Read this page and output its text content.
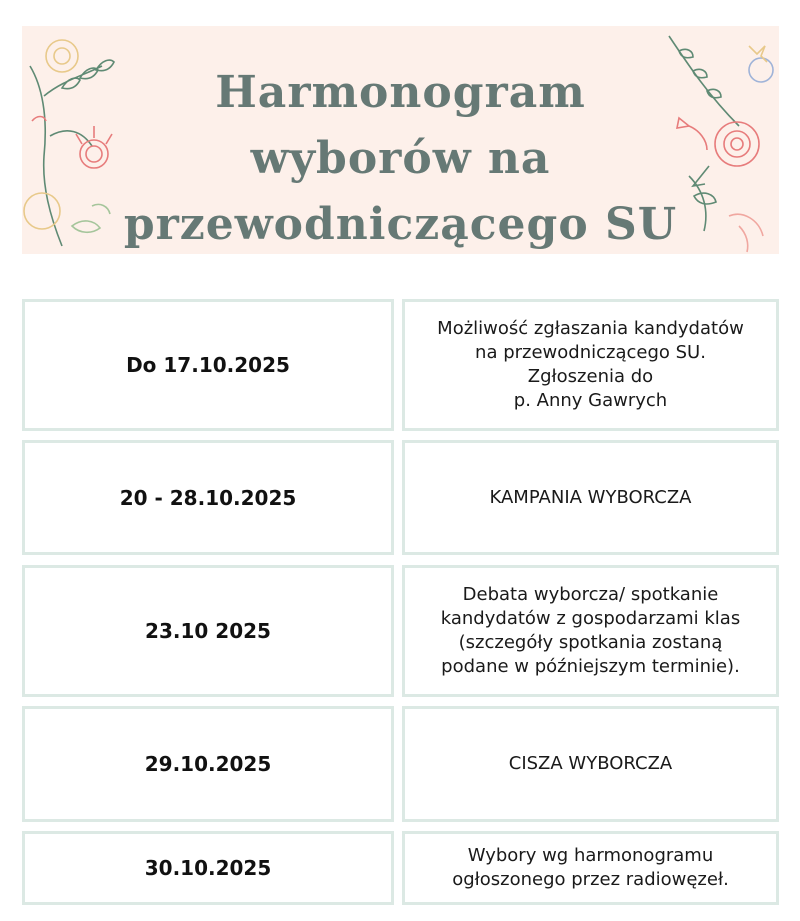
Harmonogram
wyborów na
przewodniczącego SU
Do 17.10.2025
Możliwość zgłaszania kandydatów
na przewodniczącego SU.
Zgłoszenia do
p. Anny Gawrych
20 - 28.10.2025	KAMPANIA WYBORCZA
23.10 2025
Debata wyborcza/ spotkanie
kandydatów z gospodarzami klas
(szczegóły spotkania zostaną
podane w późniejszym terminie).
29.10.2025	CISZA WYBORCZA
30.10.2025
Wybory wg harmonogramu
ogłoszonego przez radiowęzeł.
